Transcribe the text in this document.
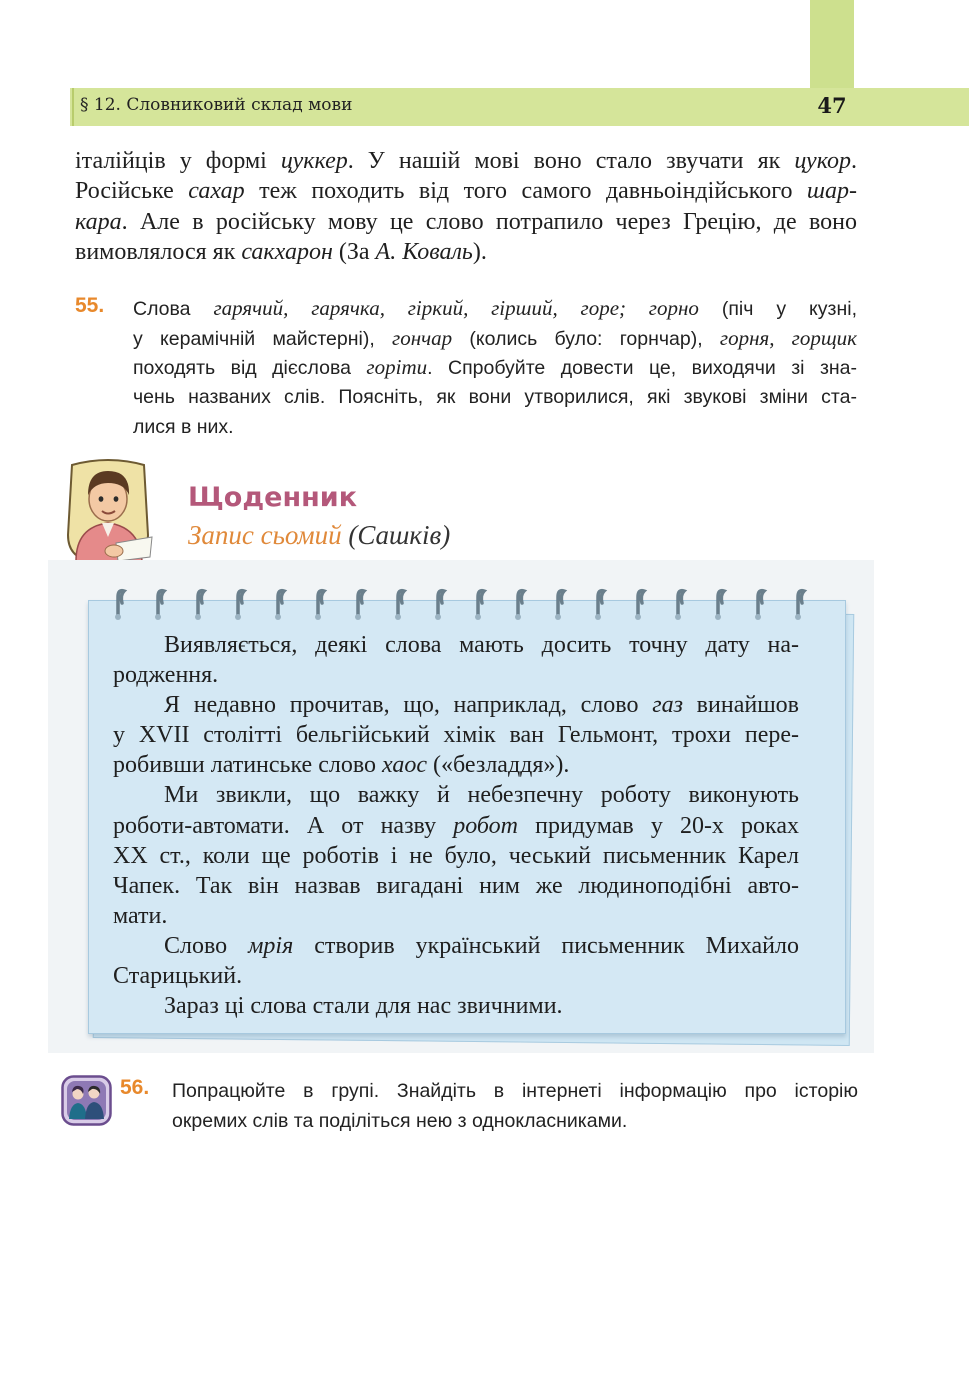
§ 12. Словниковий склад мови	47
італійців у формі цуккер. У нашій мові воно стало звучати як цукор.
Російське сахар теж походить від того самого давньоіндійського шар-
кара. Але в російську мову це слово потрапило через Грецію, де воно
вимовлялося як сакхарон (За А. Коваль).
55. Слова гарячий, гарячка, гіркий, гірший, горе; горно (піч у кузні,
у керамічній майстерні), гончар (колись було: горнчар), горня, горщик
походять від дієслова горіти. Спробуйте довести це, виходячи зі зна-
чень названих слів. Поясніть, як вони утворилися, які звукові зміни ста-
лися в них.
Щоденник
Запис сьомий (Сашків)
Виявляється, деякі слова мають досить точну дату на-
родження.
Я недавно прочитав, що, наприклад, слово газ винайшов
у XVII столітті бельгійський хімік ван Гельмонт, трохи пере-
робивши латинське слово хаос («безладдя»).
Ми звикли, що важку й небезпечну роботу виконують
роботи-автомати. А от назву робот придумав у 20-х роках
XX ст., коли ще роботів і не було, чеський письменник Карел
Чапек. Так він назвав вигадані ним же людиноподібні авто-
мати.
Слово мрія створив український письменник Михайло
Старицький.
Зараз ці слова стали для нас звичними.
56. Попрацюйте в групі. Знайдіть в інтернеті інформацію про історію
окремих слів та поділіться нею з однокласниками.
